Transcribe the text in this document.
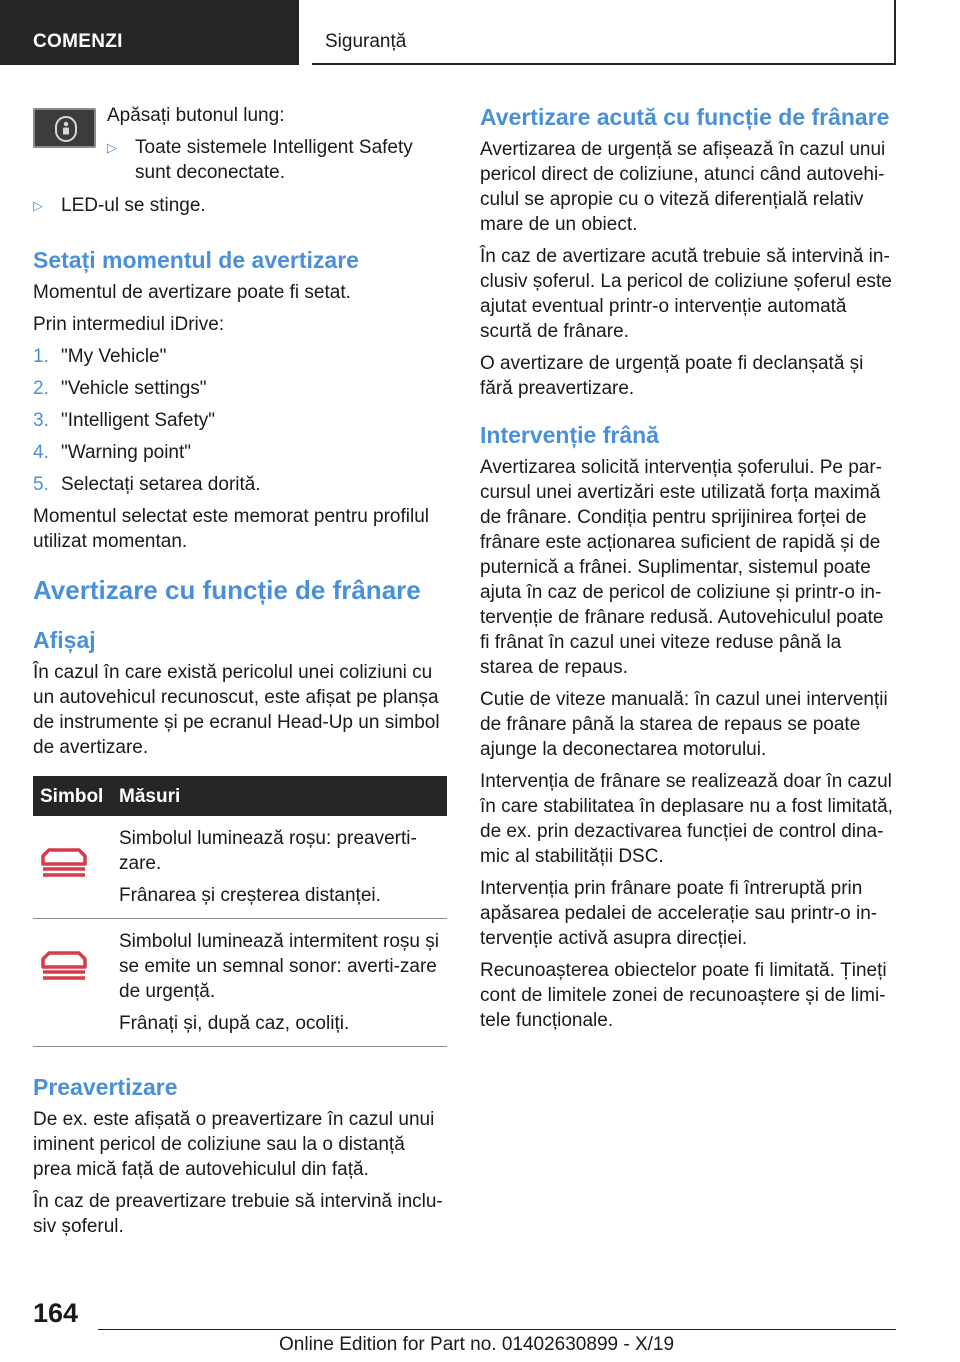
COMENZI	Siguranță

Apăsați butonul lung:

▷ Toate sistemele Intelligent Safety sunt deconectate.
▷ LED-ul se stinge.
Setați momentul de avertizare

Momentul de avertizare poate fi setat.

Prin intermediul iDrive:

1. "My Vehicle"
2. "Vehicle settings"
3. "Intelligent Safety"
4. "Warning point"
5. Selectați setarea dorită.

Momentul selectat este memorat pentru profilul utilizat momentan.

Avertizare cu funcție de frânare
Afișaj

În cazul în care există pericolul unei coliziuni cu un autovehicul recunoscut, este afișat pe planșa de instrumente și pe ecranul Head-Up un simbol de avertizare.

Simbol	Măsuri

Simbolul luminează roșu: preaverti-zare.

Frânarea și creșterea distanței.

Simbolul luminează intermitent roșu și se emite un semnal sonor: averti-zare de urgență.

Frânați și, după caz, ocoliți.

Preavertizare

De ex. este afișată o preavertizare în cazul unui iminent pericol de coliziune sau la o distanță prea mică față de autovehiculul din față.

În caz de preavertizare trebuie să intervină inclu-siv șoferul.

Avertizare acută cu funcție de frânare

Avertizarea de urgență se afișează în cazul unui pericol direct de coliziune, atunci când autovehi-culul se apropie cu o viteză diferențială relativ mare de un obiect.

În caz de avertizare acută trebuie să intervină in-clusiv șoferul. La pericol de coliziune șoferul este ajutat eventual printr-o intervenție automată scurtă de frânare.

O avertizare de urgență poate fi declanșată și fără preavertizare.

Intervenție frână

Avertizarea solicită intervenția șoferului. Pe par-cursul unei avertizări este utilizată forța maximă de frânare. Condiția pentru sprijinirea forței de frânare este acționarea suficient de rapidă și de puternică a frânei. Suplimentar, sistemul poate ajuta în caz de pericol de coliziune și printr-o in-tervenție de frânare redusă. Autovehiculul poate fi frânat în cazul unei viteze reduse până la starea de repaus.

Cutie de viteze manuală: în cazul unei intervenții de frânare până la starea de repaus se poate ajunge la deconectarea motorului.

Intervenția de frânare se realizează doar în cazul în care stabilitatea în deplasare nu a fost limitată, de ex. prin dezactivarea funcției de control dina-mic al stabilității DSC.

Intervenția prin frânare poate fi întreruptă prin apăsarea pedalei de accelerație sau printr-o in-tervenție activă asupra direcției.

Recunoașterea obiectelor poate fi limitată. Țineți cont de limitele zonei de recunoaștere și de limi-tele funcționale.

164
Online Edition for Part no. 01402630899 - X/19
